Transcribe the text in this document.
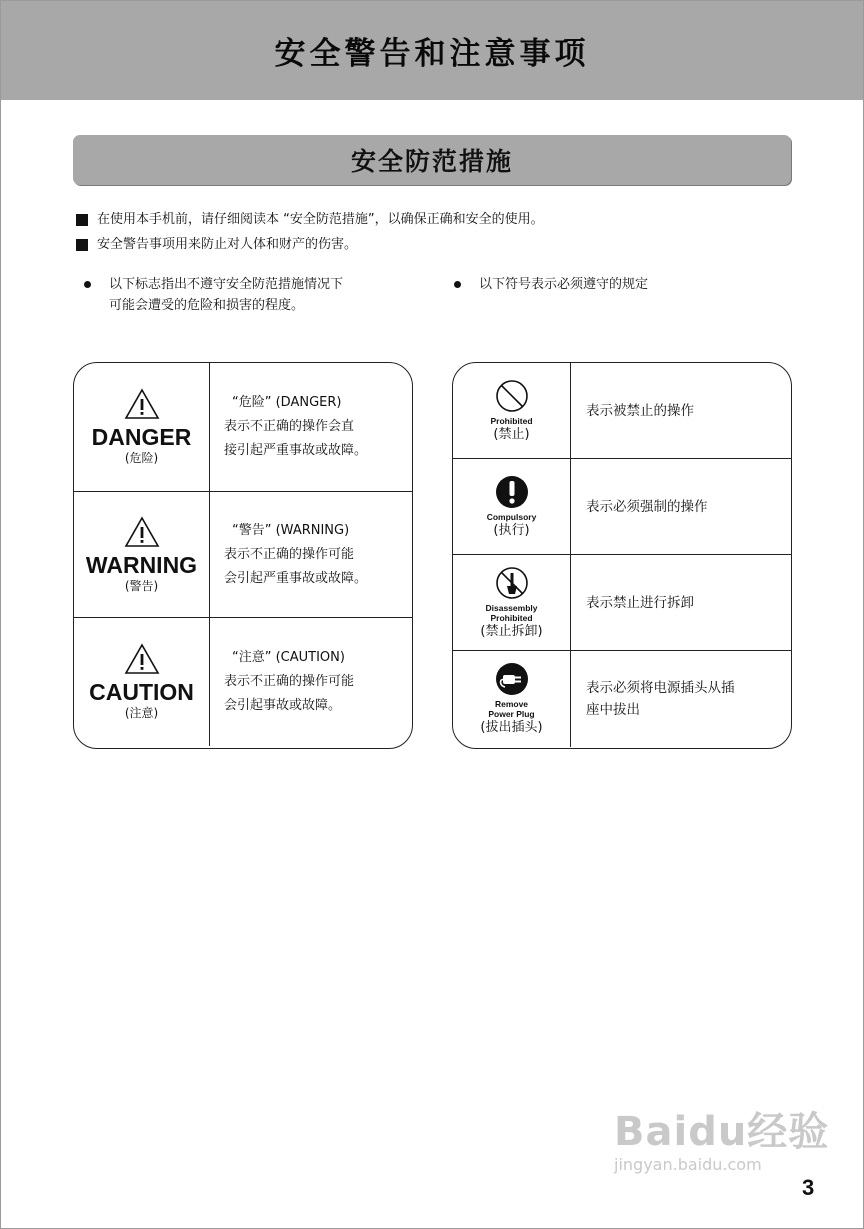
安全警告和注意事项
安全防范措施
在使用本手机前，请仔细阅读本 “安全防范措施”，以确保正确和安全的使用。
安全警告事项用来防止对人体和财产的伤害。
以下标志指出不遵守安全防范措施情况下
可能会遭受的危险和损害的程度。
以下符号表示必须遵守的规定
DANGER
(危险)
“危险” (DANGER)
表示不正确的操作会直
接引起严重事故或故障。
WARNING
(警告)
“警告” (WARNING)
表示不正确的操作可能
会引起严重事故或故障。
CAUTION
(注意)
“注意” (CAUTION)
表示不正确的操作可能
会引起事故或故障。
Prohibited
(禁止)
表示被禁止的操作
Compulsory
(执行)
表示必须强制的操作
Disassembly
Prohibited
(禁止拆卸)
表示禁止进行拆卸
Remove
Power Plug
(拔出插头)
表示必须将电源插头从插
座中拔出
Baidu经验
jingyan.baidu.com
3
